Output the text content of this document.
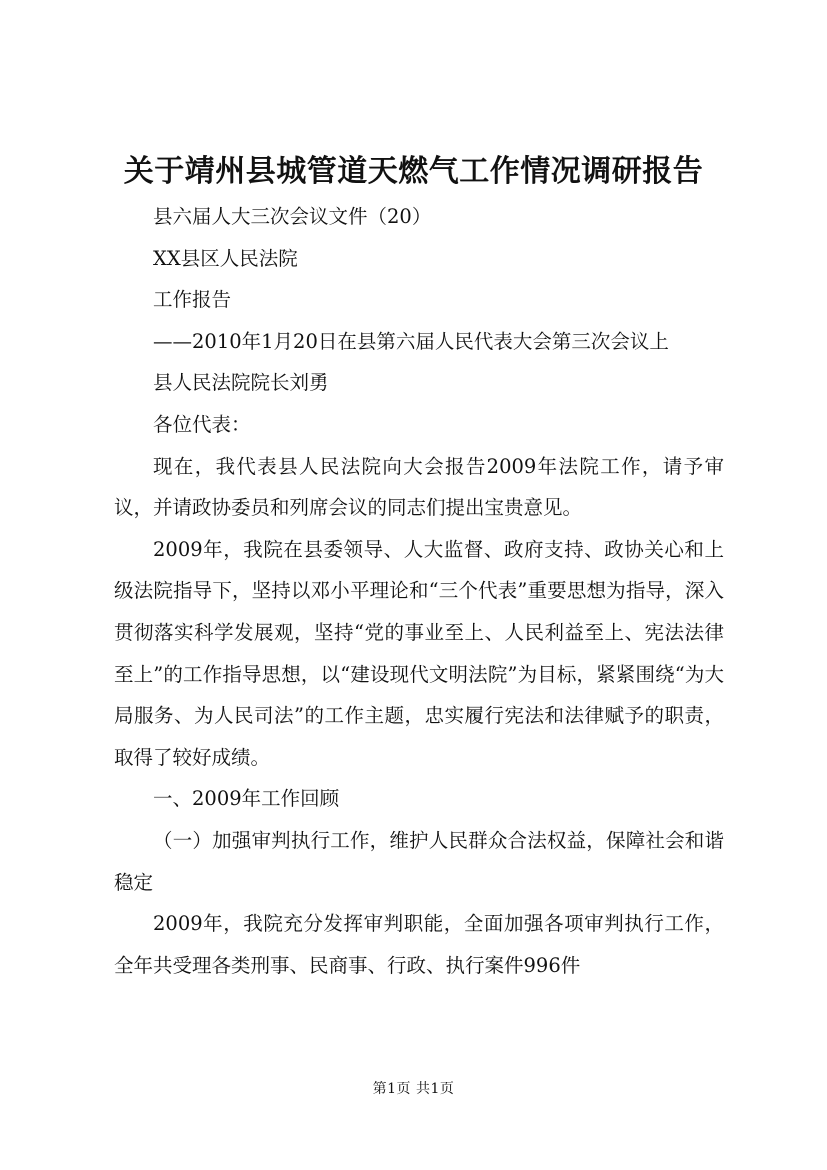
关于靖州县城管道天燃气工作情况调研报告

县六届人大三次会议文件（20）

XX县区人民法院

工作报告

——2010年1月20日在县第六届人民代表大会第三次会议上

县人民法院院长刘勇

各位代表：

现在，我代表县人民法院向大会报告2009年法院工作，请予审议，并请政协委员和列席会议的同志们提出宝贵意见。

2009年，我院在县委领导、人大监督、政府支持、政协关心和上级法院指导下，坚持以邓小平理论和“三个代表”重要思想为指导，深入贯彻落实科学发展观，坚持“党的事业至上、人民利益至上、宪法法律至上”的工作指导思想，以“建设现代文明法院”为目标，紧紧围绕“为大局服务、为人民司法”的工作主题，忠实履行宪法和法律赋予的职责，取得了较好成绩。

一、2009年工作回顾

（一）加强审判执行工作，维护人民群众合法权益，保障社会和谐稳定

2009年，我院充分发挥审判职能，全面加强各项审判执行工作，全年共受理各类刑事、民商事、行政、执行案件996件

第1页 共1页
